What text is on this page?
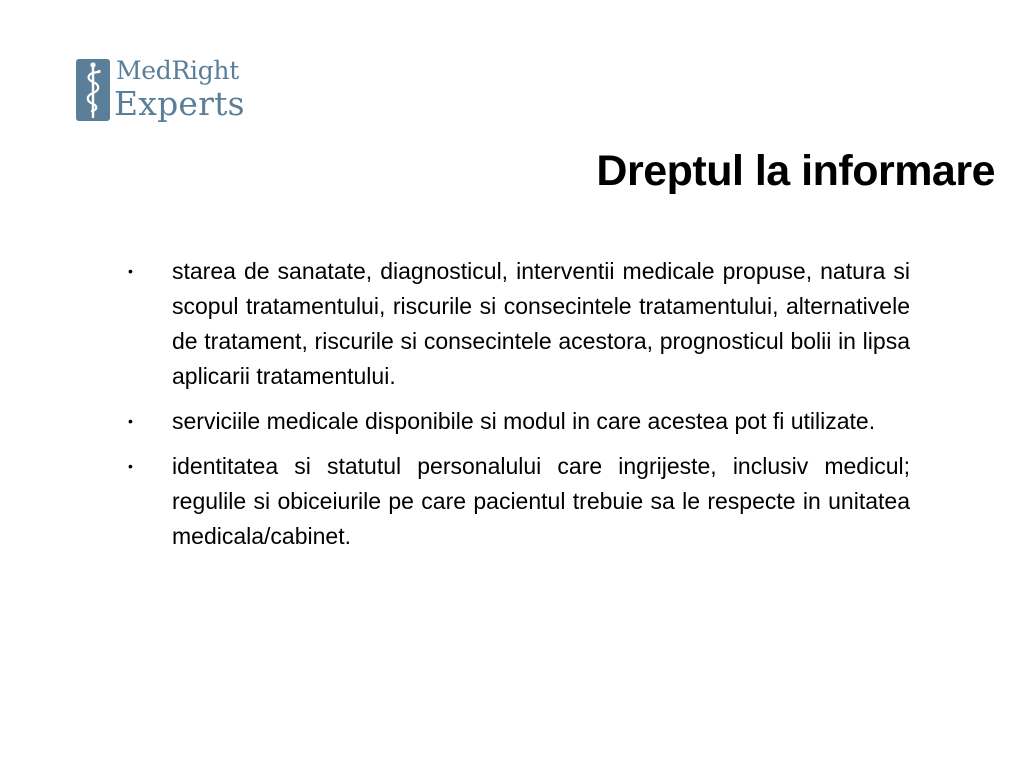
MedRight
Experts
Dreptul la informare
• starea de sanatate, diagnosticul, interventii medicale propuse, natura si scopul tratamentului, riscurile si consecintele tratamentului, alternativele de tratament, riscurile si consecintele acestora, prognosticul bolii in lipsa aplicarii tratamentului.
• serviciile medicale disponibile si modul in care acestea pot fi utilizate.
• identitatea si statutul personalului care ingrijeste, inclusiv medicul; regulile si obiceiurile pe care pacientul trebuie sa le respecte in unitatea medicala/cabinet.
